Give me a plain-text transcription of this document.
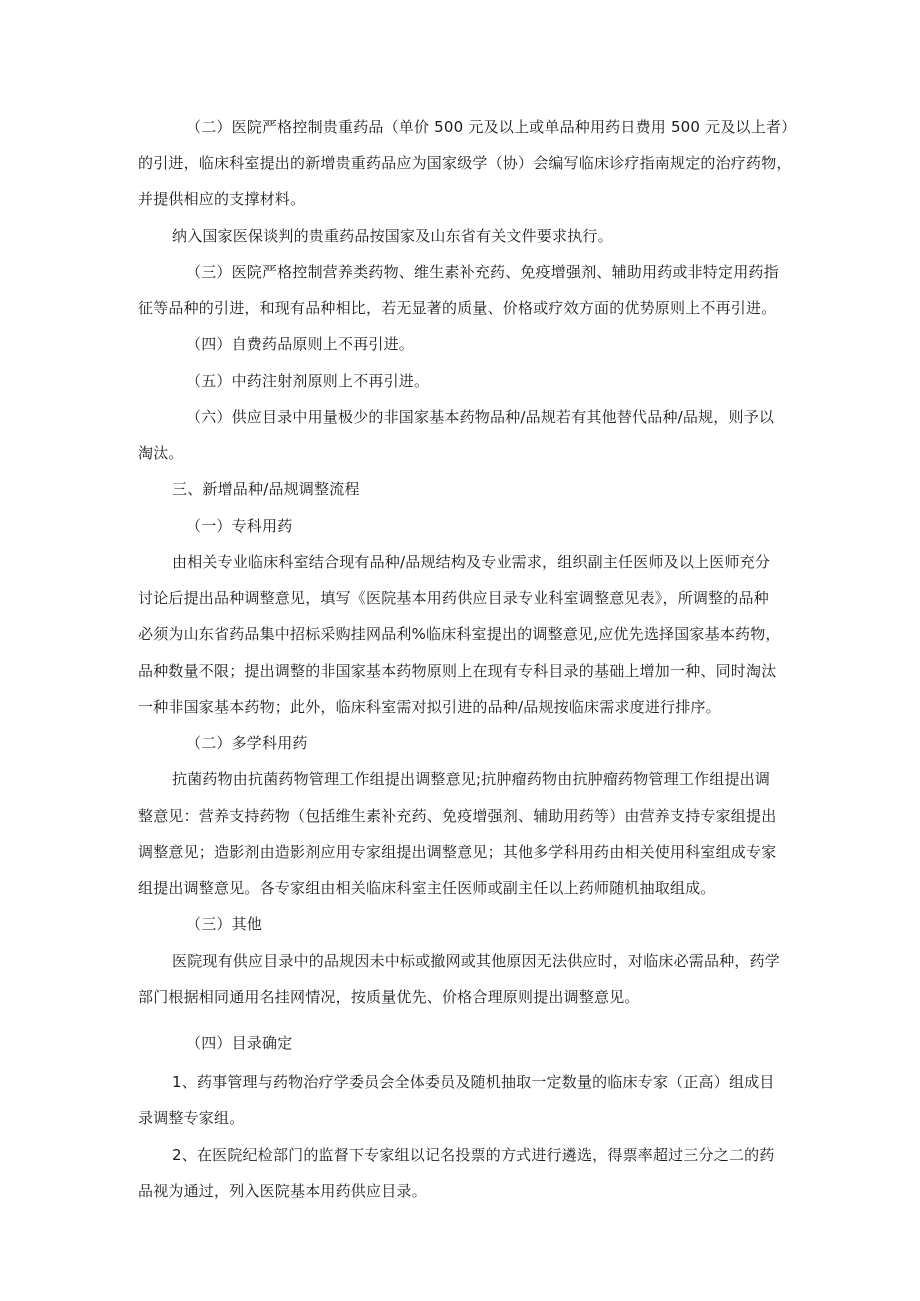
（二）医院严格控制贵重药品（单价 500 元及以上或单品种用药日费用 500 元及以上者）
的引进，临床科室提出的新增贵重药品应为国家级学（协）会编写临床诊疗指南规定的治疗药物，
并提供相应的支撑材料。
纳入国家医保谈判的贵重药品按国家及山东省有关文件要求执行。
（三）医院严格控制营养类药物、维生素补充药、免疫增强剂、辅助用药或非特定用药指
征等品种的引进，和现有品种相比，若无显著的质量、价格或疗效方面的优势原则上不再引进。
（四）自费药品原则上不再引进。
（五）中药注射剂原则上不再引进。
（六）供应目录中用量极少的非国家基本药物品种/品规若有其他替代品种/品规，则予以
淘汰。
三、新增品种/品规调整流程
（一）专科用药
由相关专业临床科室结合现有品种/品规结构及专业需求，组织副主任医师及以上医师充分
讨论后提出品种调整意见，填写《医院基本用药供应目录专业科室调整意见表》，所调整的品种
必须为山东省药品集中招标采购挂网品利%临床科室提出的调整意见,应优先选择国家基本药物，
品种数量不限；提出调整的非国家基本药物原则上在现有专科目录的基础上增加一种、同时淘汰
一种非国家基本药物；此外，临床科室需对拟引进的品种/品规按临床需求度进行排序。
（二）多学科用药
抗菌药物由抗菌药物管理工作组提出调整意见;抗肿瘤药物由抗肿瘤药物管理工作组提出调
整意见：营养支持药物（包括维生素补充药、免疫增强剂、辅助用药等）由营养支持专家组提出
调整意见；造影剂由造影剂应用专家组提出调整意见；其他多学科用药由相关使用科室组成专家
组提出调整意见。各专家组由相关临床科室主任医师或副主任以上药师随机抽取组成。
（三）其他
医院现有供应目录中的品规因未中标或撤网或其他原因无法供应时，对临床必需品种，药学
部门根据相同通用名挂网情况，按质量优先、价格合理原则提出调整意见。
（四）目录确定
1、药事管理与药物治疗学委员会全体委员及随机抽取一定数量的临床专家（正高）组成目
录调整专家组。
2、在医院纪检部门的监督下专家组以记名投票的方式进行遴选，得票率超过三分之二的药
品视为通过，列入医院基本用药供应目录。
